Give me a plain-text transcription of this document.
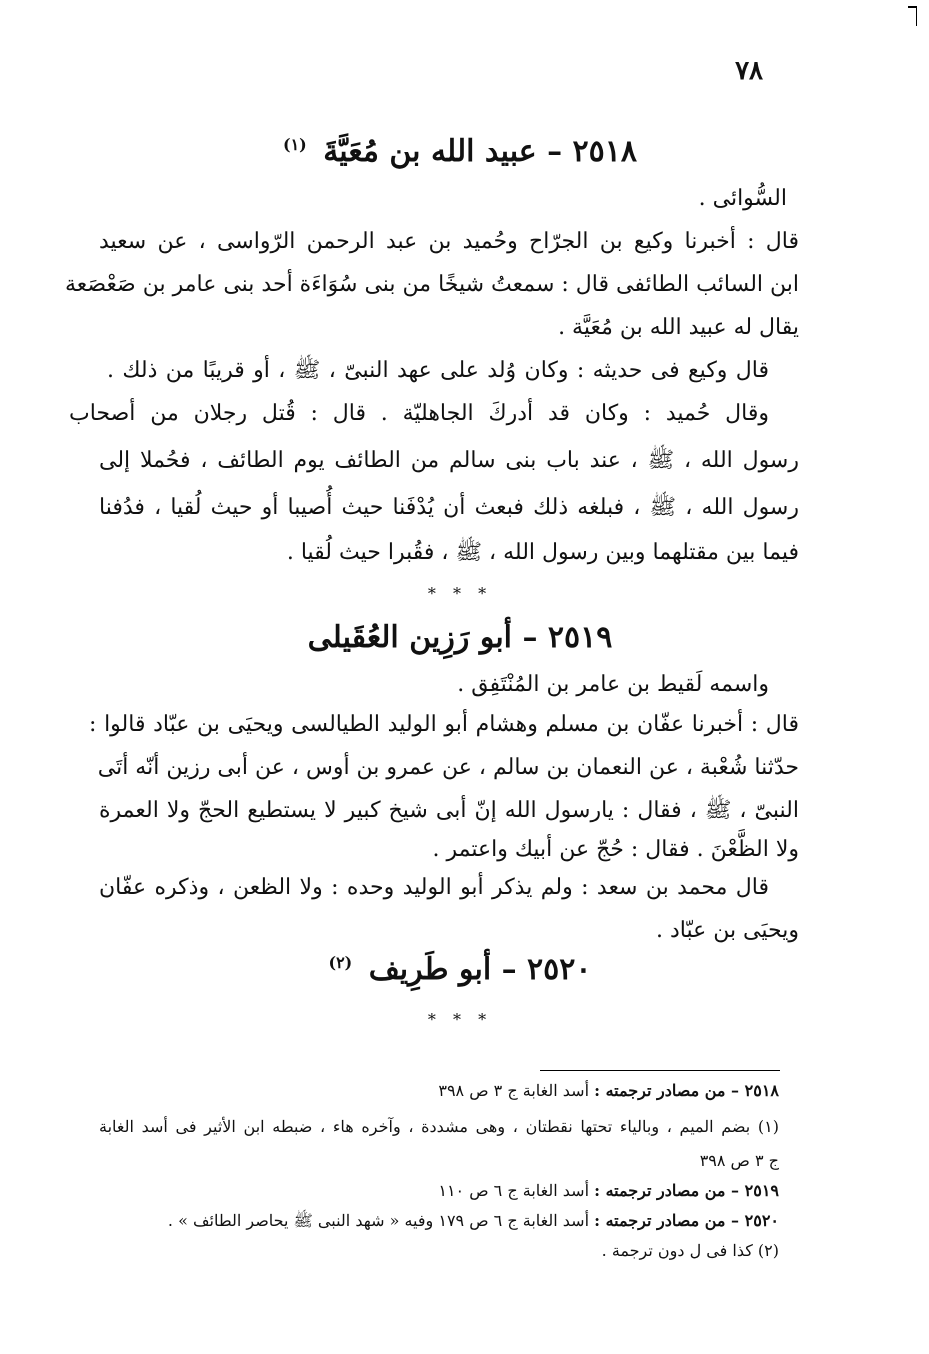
٧٨
٢٥١٨ – عبيد الله بن مُعَيَّةَ $^{(١)}$
السُّوائى .
قال : أخبرنا وكيع بن الجرّاح وحُميد بن عبد الرحمن الرّواسى ، عن سعيد
ابن السائب الطائفى قال : سمعتُ شيخًا من بنى سُوَاءَة أحد بنى عامر بن صَعْصَعة
يقال له عبيد الله بن مُعَيَّة .
قال وكيع فى حديثه : وكان وُلد على عهد النبىّ ، ﷺ ، أو قريبًا من ذلك .
وقال حُميد : وكان قد أدركَ الجاهليّة . قال : قُتل رجلان من أصحاب
رسول الله ، ﷺ ، عند باب بنى سالم من الطائف يوم الطائف ، فحُملا إلى
رسول الله ، ﷺ ، فبلغه ذلك فبعث أن يُدْفَنا حيث أُصيبا أو حيث لُقيا ، فدُفنا
فيما بين مقتلهما وبين رسول الله ، ﷺ ، فقُبرا حيث لُقيا .
* * *
٢٥١٩ – أبو رَزِين العُقَيلى
واسمه لَقيط بن عامر بن المُنْتَفِق .
قال : أخبرنا عفّان بن مسلم وهشام أبو الوليد الطيالسى ويحيَى بن عبّاد قالوا :
حدّثنا شُعْبة ، عن النعمان بن سالم ، عن عمرو بن أوس ، عن أبى رزين أنّه أتَى
النبىّ ، ﷺ ، فقال : يارسول الله إنّ أبى شيخ كبير لا يستطيع الحجّ ولا العمرة
ولا الظَّعْنَ . فقال : حُجّ عن أبيك واعتمر .
قال محمد بن سعد : ولم يذكر أبو الوليد وحده : ولا الظعن ، وذكره عفّان
ويحيَى بن عبّاد .
٢٥٢٠ – أبو طَرِيف $^{(٢)}$
* * *
٢٥١٨ – من مصادر ترجمته : أسد الغابة ج ٣ ص ٣٩٨
(١) بضم الميم ، وبالياء تحتها نقطتان ، وهى مشددة ، وآخره هاء ، ضبطه ابن الأثير فى أسد الغابة
ج ٣ ص ٣٩٨
٢٥١٩ – من مصادر ترجمته : أسد الغابة ج ٦ ص ١١٠
٢٥٢٠ – من مصادر ترجمته : أسد الغابة ج ٦ ص ١٧٩ وفيه « شهد النبى ﷺ يحاصر الطائف » .
(٢) كذا فى ل دون ترجمة .
